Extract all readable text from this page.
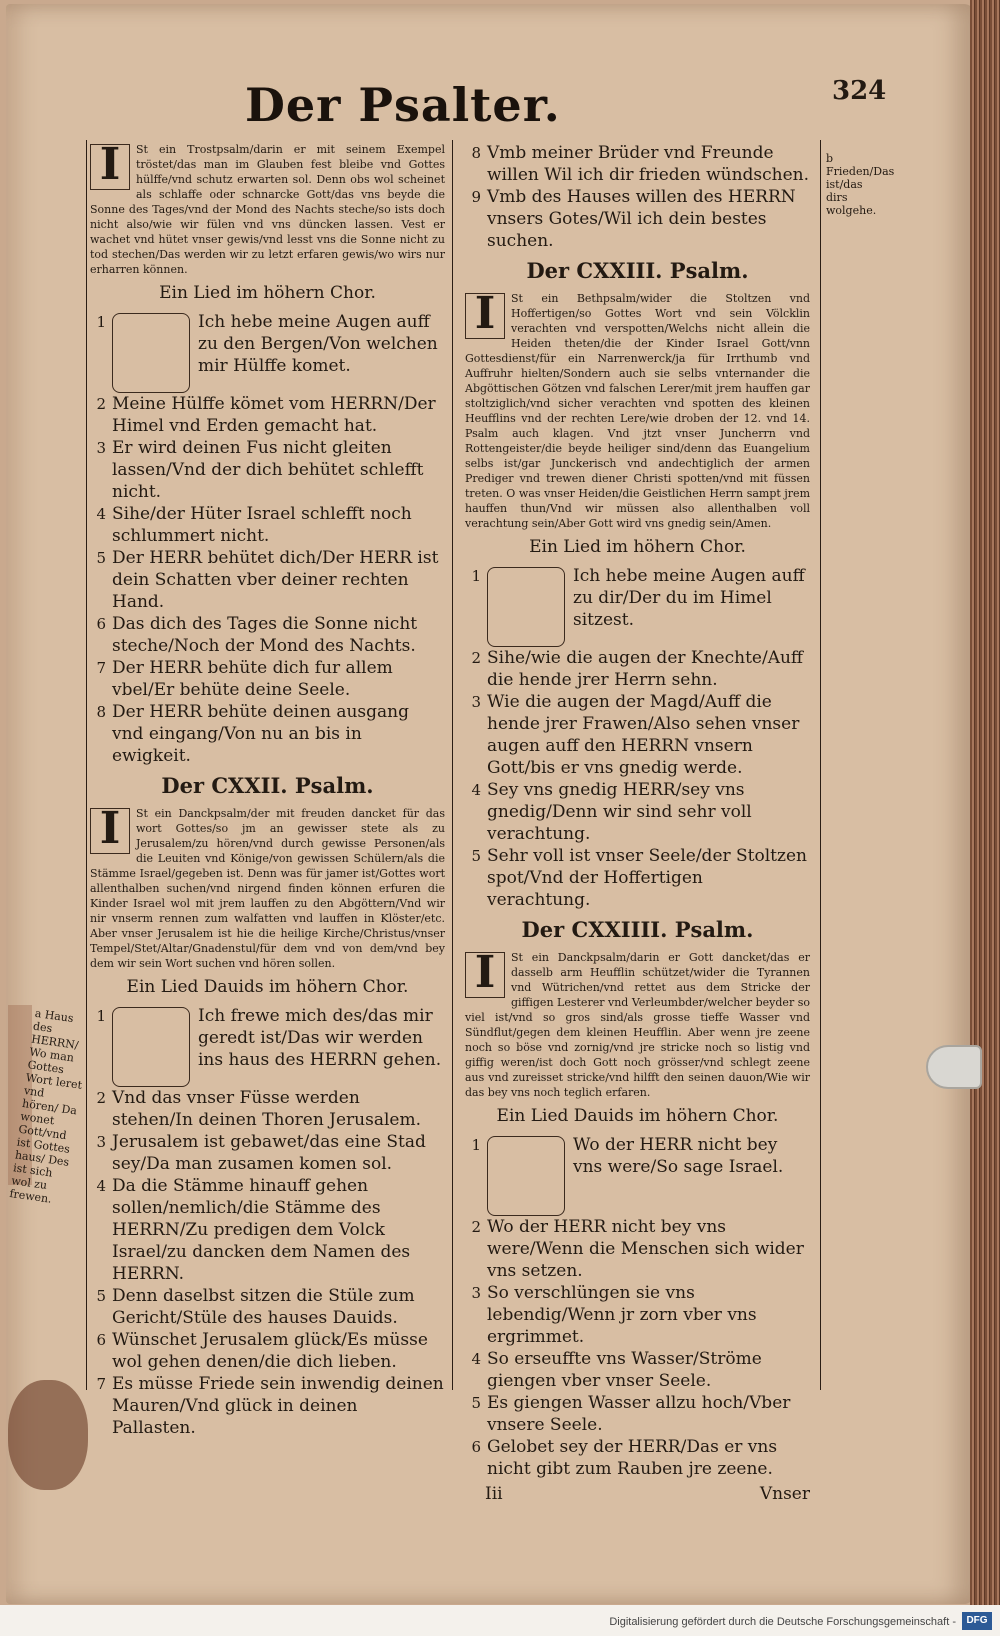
Der Psalter.	324

I	St ein Trostpsalm/darin er mit seinem Exempel tröstet/das man im Glauben fest bleibe vnd Gottes hülffe/vnd schutz erwarten sol. Denn obs wol scheinet als schlaffe oder schnarcke Gott/das vns beyde die Sonne des Tages/vnd der Mond des Nachts steche/so ists doch nicht also/wie wir fülen vnd vns düncken lassen. Vest er wachet vnd hütet vnser gewis/vnd lesst vns die Sonne nicht zu tod stechen/Das werden wir zu letzt erfaren gewis/wo wirs nur erharren können.

Ein Lied im höhern Chor.
1	Ich hebe meine Augen auff zu den Bergen/Von welchen mir Hülffe komet.
2 Meine Hülffe kömet vom HERRN/Der Himel vnd Erden gemacht hat.
3 Er wird deinen Fus nicht gleiten lassen/Vnd der dich behütet schlefft nicht.
4 Sihe/der Hüter Israel schlefft noch schlummert nicht.
5 Der HERR behütet dich/Der HERR ist dein Schatten vber deiner rechten Hand.
6 Das dich des Tages die Sonne nicht steche/Noch der Mond des Nachts.
7 Der HERR behüte dich fur allem vbel/Er behüte deine Seele.
8 Der HERR behüte deinen ausgang vnd eingang/Von nu an bis in ewigkeit.
Der CXXII. Psalm.

I	St ein Danckpsalm/der mit freuden dancket für das wort Gottes/so jm an gewisser stete als zu Jerusalem/zu hören/vnd durch gewisse Personen/als die Leuiten vnd Könige/von gewissen Schülern/als die Stämme Israel/gegeben ist. Denn was für jamer ist/Gottes wort allenthalben suchen/vnd nirgend finden können erfuren die Kinder Israel wol mit jrem lauffen zu den Abgöttern/Vnd wir nir vnserm rennen zum walfatten vnd lauffen in Klöster/etc. Aber vnser Jerusalem ist hie die heilige Kirche/Christus/vnser Tempel/Stet/Altar/Gnadenstul/für dem vnd von dem/vnd bey dem wir sein Wort suchen vnd hören sollen.

Ein Lied Dauids im höhern Chor.
1	Ich frewe mich des/das mir geredt ist/Das wir werden ins haus des HERRN gehen.
2 Vnd das vnser Füsse werden stehen/In deinen Thoren Jerusalem.
3 Jerusalem ist gebawet/das eine Stad sey/Da man zusamen komen sol.
4 Da die Stämme hinauff gehen sollen/nemlich/die Stämme des HERRN/Zu predigen dem Volck Israel/zu dancken dem Namen des HERRN.
5 Denn daselbst sitzen die Stüle zum Gericht/Stüle des hauses Dauids.
6 Wünschet Jerusalem glück/Es müsse wol gehen denen/die dich lieben.
7 Es müsse Friede sein inwendig deinen Mauren/Vnd glück in deinen Pallasten.
8 Vmb meiner Brüder vnd Freunde willen Wil ich dir frieden wündschen.
9 Vmb des Hauses willen des HERRN vnsers Gotes/Wil ich dein bestes suchen.
Der CXXIII. Psalm.

I	St ein Bethpsalm/wider die Stoltzen vnd Hoffertigen/so Gottes Wort vnd sein Völcklin verachten vnd verspotten/Welchs nicht allein die Heiden theten/die der Kinder Israel Gott/vnn Gottesdienst/für ein Narrenwerck/ja für Irrthumb vnd Auffruhr hielten/Sondern auch sie selbs vnternander die Abgöttischen Götzen vnd falschen Lerer/mit jrem hauffen gar stoltziglich/vnd sicher verachten vnd spotten des kleinen Heufflins vnd der rechten Lere/wie droben der 12. vnd 14. Psalm auch klagen. Vnd jtzt vnser Juncherrn vnd Rottengeister/die beyde heiliger sind/denn das Euangelium selbs ist/gar Junckerisch vnd andechtiglich der armen Prediger vnd trewen diener Christi spotten/vnd mit füssen treten. O was vnser Heiden/die Geistlichen Herrn sampt jrem hauffen thun/Vnd wir müssen also allenthalben voll verachtung sein/Aber Gott wird vns gnedig sein/Amen.

Ein Lied im höhern Chor.
1	Ich hebe meine Augen auff zu dir/Der du im Himel sitzest.
2 Sihe/wie die augen der Knechte/Auff die hende jrer Herrn sehn.
3 Wie die augen der Magd/Auff die hende jrer Frawen/Also sehen vnser augen auff den HERRN vnsern Gott/bis er vns gnedig werde.
4 Sey vns gnedig HERR/sey vns gnedig/Denn wir sind sehr voll verachtung.
5 Sehr voll ist vnser Seele/der Stoltzen spot/Vnd der Hoffertigen verachtung.
Der CXXIIII. Psalm.

I	St ein Danckpsalm/darin er Gott dancket/das er dasselb arm Heufflin schützet/wider die Tyrannen vnd Wütrichen/vnd rettet aus dem Stricke der giffigen Lesterer vnd Verleumbder/welcher beyder so viel ist/vnd so gros sind/als grosse tieffe Wasser vnd Sündflut/gegen dem kleinen Heufflin. Aber wenn jre zeene noch so böse vnd zornig/vnd jre stricke noch so listig vnd giffig weren/ist doch Gott noch grösser/vnd schlegt zeene aus vnd zureisset stricke/vnd hilfft den seinen dauon/Wie wir das bey vns noch teglich erfaren.

Ein Lied Dauids im höhern Chor.
1	Wo der HERR nicht bey vns were/So sage Israel.
2 Wo der HERR nicht bey vns were/Wenn die Menschen sich wider vns setzen.
3 So verschlüngen sie vns lebendig/Wenn jr zorn vber vns ergrimmet.
4 So erseuffte vns Wasser/Ströme giengen vber vnser Seele.
5 Es giengen Wasser allzu hoch/Vber vnsere Seele.
6 Gelobet sey der HERR/Das er vns nicht gibt zum Rauben jre zeene.
Iii	Vnser
b Frieden/Das ist/das dirs wolgehe.
a Haus des HERRN/ Wo man Gottes Wort leret vnd hören/ Da wonet Gott/vnd ist Gottes haus/ Des ist sich wol zu frewen.
Digitalisierung gefördert durch die Deutsche Forschungsgemeinschaft -	DFG
